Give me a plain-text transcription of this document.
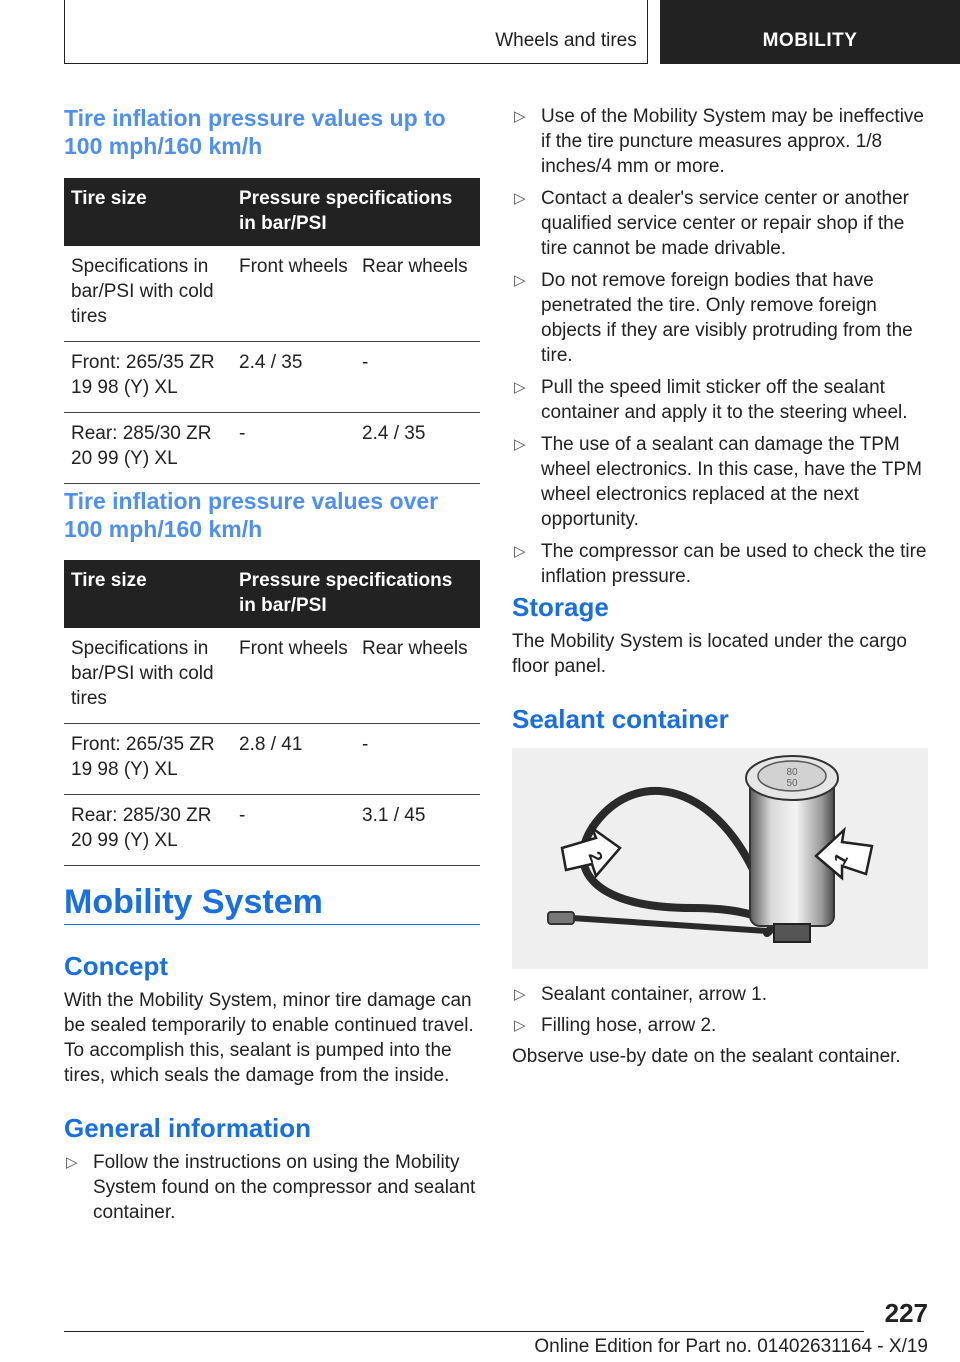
Wheels and tires	MOBILITY
Tire inflation pressure values up to 100 mph/160 km/h
Tire size	Pressure specifications in bar/PSI	
Specifications in bar/PSI with cold tires	Front wheels	Rear wheels
Front: 265/35 ZR 19 98 (Y) XL	2.4 / 35	-
Rear: 285/30 ZR 20 99 (Y) XL	-	2.4 / 35
Tire inflation pressure values over 100 mph/160 km/h
Tire size	Pressure specifications in bar/PSI	
Specifications in bar/PSI with cold tires	Front wheels	Rear wheels
Front: 265/35 ZR 19 98 (Y) XL	2.8 / 41	-
Rear: 285/30 ZR 20 99 (Y) XL	-	3.1 / 45
Mobility System
Concept
With the Mobility System, minor tire damage can be sealed temporarily to enable continued travel. To accomplish this, sealant is pumped into the tires, which seals the damage from the inside.
General information
▷ Follow the instructions on using the Mobility System found on the compressor and sealant container.
▷ Use of the Mobility System may be ineffective if the tire puncture measures approx. 1/8 inches/4 mm or more.
▷ Contact a dealer's service center or another qualified service center or repair shop if the tire cannot be made drivable.
▷ Do not remove foreign bodies that have penetrated the tire. Only remove foreign objects if they are visibly protruding from the tire.
▷ Pull the speed limit sticker off the sealant container and apply it to the steering wheel.
▷ The use of a sealant can damage the TPM wheel electronics. In this case, have the TPM wheel electronics replaced at the next opportunity.
▷ The compressor can be used to check the tire inflation pressure.
Storage
The Mobility System is located under the cargo floor panel.
Sealant container
80
50
2	1
▷ Sealant container, arrow 1.
▷ Filling hose, arrow 2.
Observe use-by date on the sealant container.
227
Online Edition for Part no. 01402631164 - X/19
